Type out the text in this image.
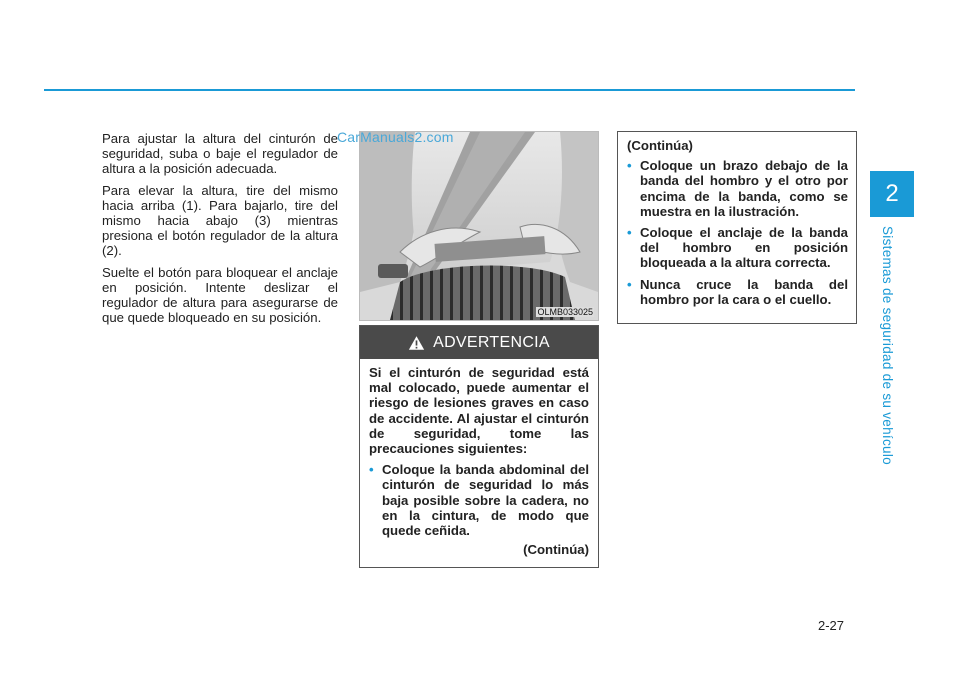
2
Sistemas de seguridad de su vehículo

Para ajustar la altura del cinturón de seguridad, suba o baje el regulador de altura a la posición adecuada.

Para elevar la altura, tire del mismo hacia arriba (1). Para bajarlo, tire del mismo hacia abajo (3) mientras presiona el botón regulador de la altura (2).

Suelte el botón para bloquear el anclaje en posición. Intente deslizar el regulador de altura para asegurarse de que quede bloqueado en su posición.	OLMB033025
CarManuals2.com
ADVERTENCIA

Si el cinturón de seguridad está mal colocado, puede aumentar el riesgo de lesiones graves en caso de accidente. Al ajustar el cinturón de seguridad, tome las precauciones siguientes:

• Coloque la banda abdominal del cinturón de seguridad lo más baja posible sobre la cadera, no en la cintura, de modo que quede ceñida.
(Continúa)
(Continúa)
• Coloque un brazo debajo de la banda del hombro y el otro por encima de la banda, como se muestra en la ilustración.
• Coloque el anclaje de la banda del hombro en posición bloqueada a la altura correcta.
• Nunca cruce la banda del hombro por la cara o el cuello.
2-27
